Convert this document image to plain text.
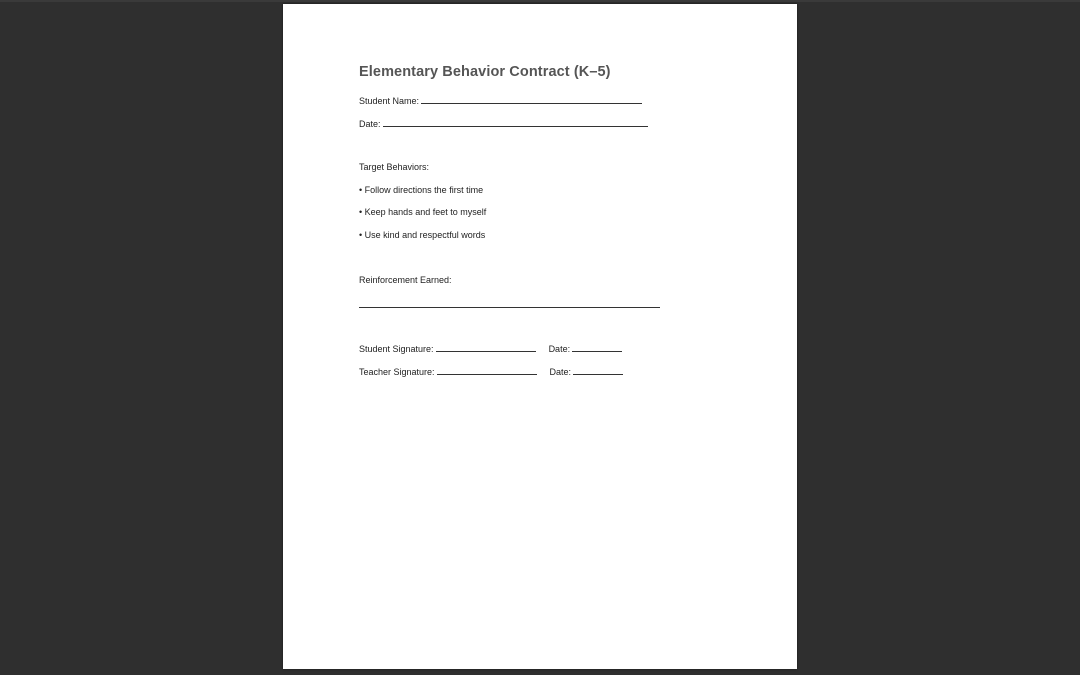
Elementary Behavior Contract (K–5)
Student Name:
Date:
Target Behaviors:
• Follow directions the first time
• Keep hands and feet to myself
• Use kind and respectful words
Reinforcement Earned:
Student Signature:	Date:
Teacher Signature:	Date:
